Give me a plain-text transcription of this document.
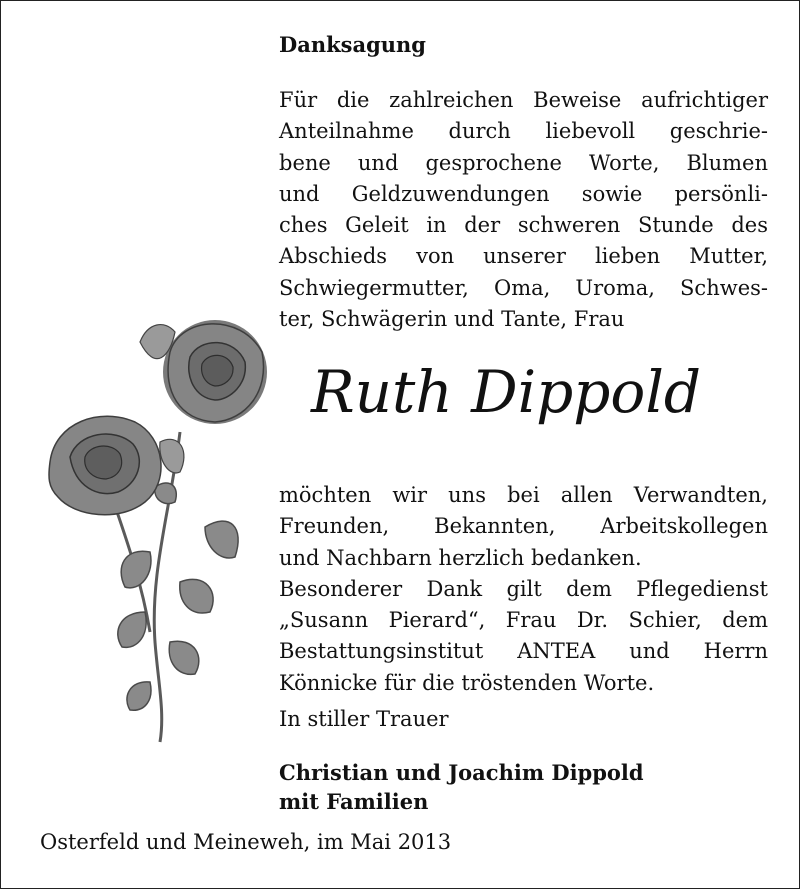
Danksagung
Für die zahlreichen Beweise aufrichtiger
Anteilnahme durch liebevoll geschrie-
bene und gesprochene Worte, Blumen
und Geldzuwendungen sowie persönli-
ches Geleit in der schweren Stunde des
Abschieds von unserer lieben Mutter,
Schwiegermutter, Oma, Uroma, Schwes-
ter, Schwägerin und Tante, Frau
Ruth Dippold
möchten wir uns bei allen Verwandten,
Freunden, Bekannten, Arbeitskollegen
und Nachbarn herzlich bedanken.
Besonderer Dank gilt dem Pflegedienst
„Susann Pierard“, Frau Dr. Schier, dem
Bestattungsinstitut ANTEA und Herrn
Könnicke für die tröstenden Worte.
In stiller Trauer
Christian und Joachim Dippold
mit Familien
Osterfeld und Meineweh, im Mai 2013
